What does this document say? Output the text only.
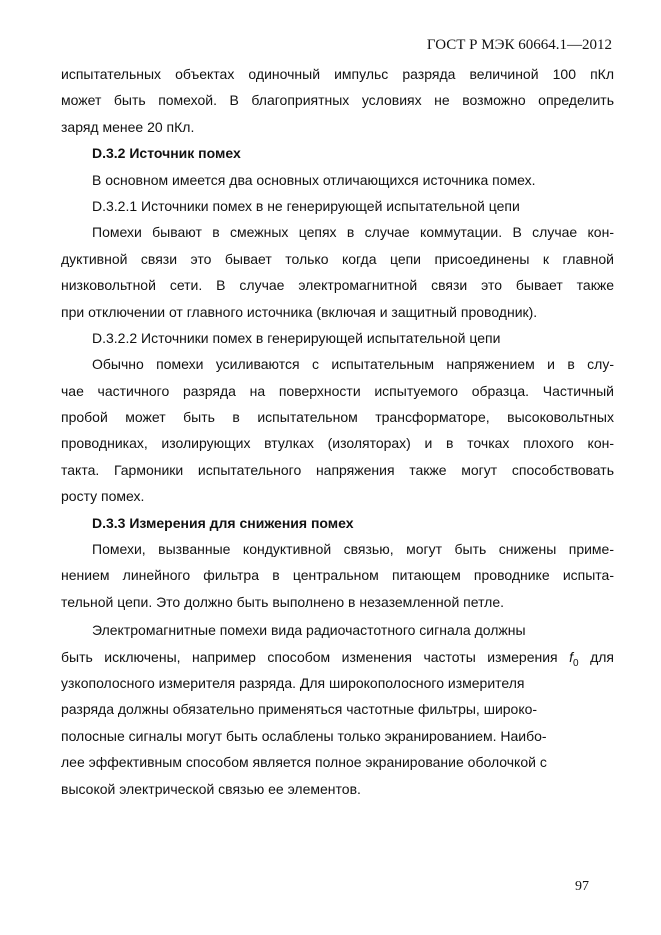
ГОСТ Р МЭК 60664.1—2012
испытательных объектах одиночный импульс разряда величиной 100 пКл
может быть помехой. В благоприятных условиях не возможно определить
заряд менее 20 пКл.
D.3.2 Источник помех
В основном имеется два основных отличающихся источника помех.
D.3.2.1 Источники помех в не генерирующей испытательной цепи
Помехи бывают в смежных цепях в случае коммутации. В случае кон-
дуктивной связи это бывает только когда цепи присоединены к главной
низковольтной сети. В случае электромагнитной связи это бывает также
при отключении от главного источника (включая и защитный проводник).
D.3.2.2 Источники помех в генерирующей испытательной цепи
Обычно помехи усиливаются с испытательным напряжением и в слу-
чае частичного разряда на поверхности испытуемого образца. Частичный
пробой может быть в испытательном трансформаторе, высоковольтных
проводниках, изолирующих втулках (изоляторах) и в точках плохого кон-
такта. Гармоники испытательного напряжения также могут способствовать
росту помех.
D.3.3 Измерения для снижения помех
Помехи, вызванные кондуктивной связью, могут быть снижены приме-
нением линейного фильтра в центральном питающем проводнике испыта-
тельной цепи. Это должно быть выполнено в незаземленной петле.
Электромагнитные помехи вида радиочастотного сигнала должны
быть исключены, например способом изменения частоты измерения $f_0$ для
узкополосного измерителя разряда. Для широкополосного измерителя
разряда должны обязательно применяться частотные фильтры, широко-
полосные сигналы могут быть ослаблены только экранированием. Наибо-
лее эффективным способом является полное экранирование оболочкой с
высокой электрической связью ее элементов.
97
